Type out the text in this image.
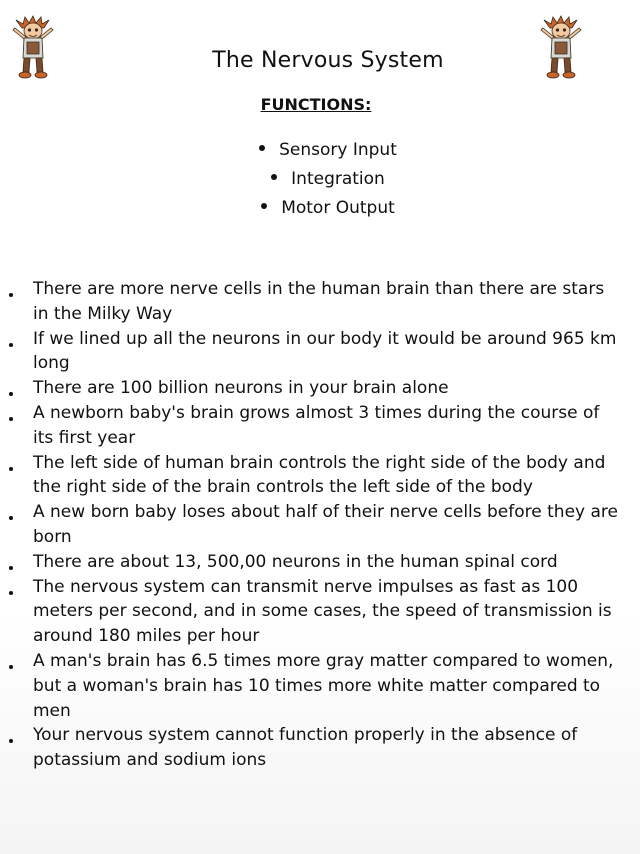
The Nervous System
FUNCTIONS:
Sensory Input
Integration
Motor Output
There are more nerve cells in the human brain than there are stars in the Milky Way
If we lined up all the neurons in our body it would be around 965 km long
There are 100 billion neurons in your brain alone
A newborn baby's brain grows almost 3 times during the course of its first year
The left side of human brain controls the right side of the body and the right side of the brain controls the left side of the body
A new born baby loses about half of their nerve cells before they are born
There are about 13, 500,00 neurons in the human spinal cord
The nervous system can transmit nerve impulses as fast as 100 meters per second, and in some cases, the speed of transmission is around 180 miles per hour
A man's brain has 6.5 times more gray matter compared to women, but a woman's brain has 10 times more white matter compared to men
Your nervous system cannot function properly in the absence of potassium and sodium ions
